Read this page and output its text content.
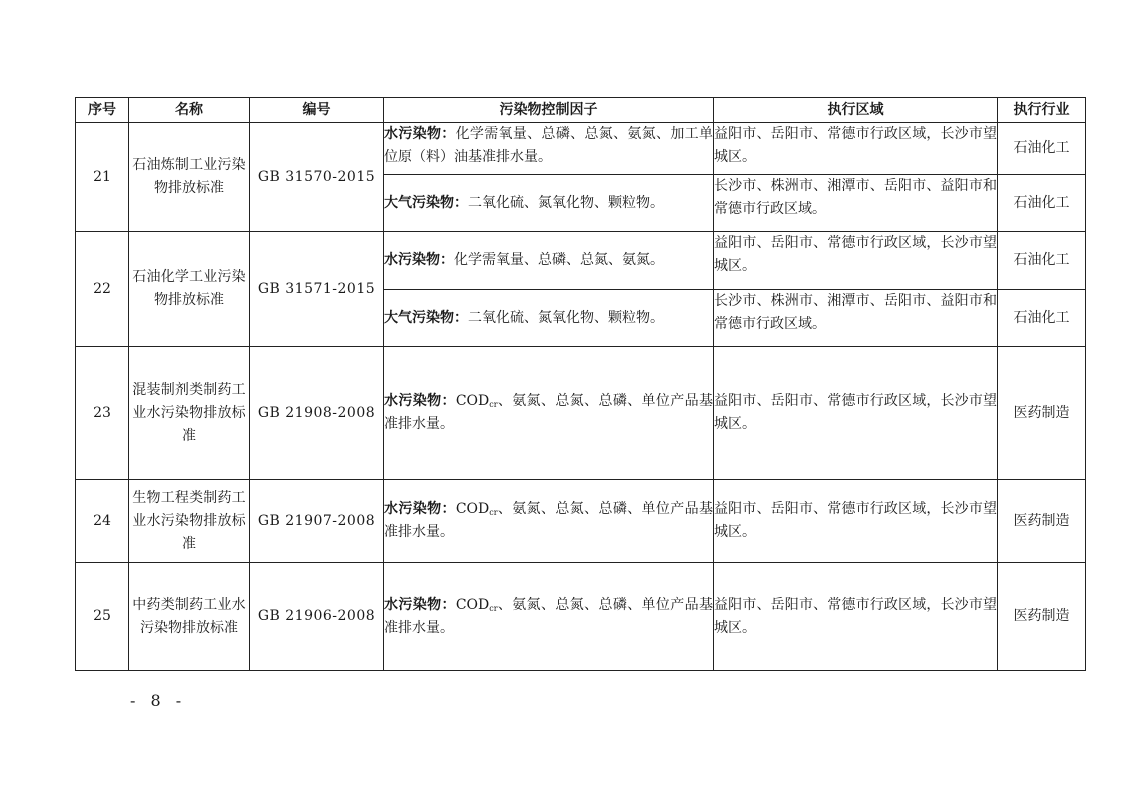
序号	名称	编号	污染物控制因子	执行区域	执行行业
21	石油炼制工业污染物排放标准	GB 31570-2015	水污染物：化学需氧量、总磷、总氮、氨氮、加工单位原（料）油基准排水量。	益阳市、岳阳市、常德市行政区域，长沙市望城区。	石油化工
			大气污染物：二氧化硫、氮氧化物、颗粒物。	长沙市、株洲市、湘潭市、岳阳市、益阳市和常德市行政区域。	石油化工
22	石油化学工业污染物排放标准	GB 31571-2015	水污染物：化学需氧量、总磷、总氮、氨氮。	益阳市、岳阳市、常德市行政区域，长沙市望城区。	石油化工
			大气污染物：二氧化硫、氮氧化物、颗粒物。	长沙市、株洲市、湘潭市、岳阳市、益阳市和常德市行政区域。	石油化工
23	混装制剂类制药工业水污染物排放标准	GB 21908-2008	水污染物：$COD_{cr}$、氨氮、总氮、总磷、单位产品基准排水量。	益阳市、岳阳市、常德市行政区域，长沙市望城区。	医药制造
24	生物工程类制药工业水污染物排放标准	GB 21907-2008	水污染物：$COD_{cr}$、氨氮、总氮、总磷、单位产品基准排水量。	益阳市、岳阳市、常德市行政区域，长沙市望城区。	医药制造
25	中药类制药工业水污染物排放标准	GB 21906-2008	水污染物：$COD_{cr}$、氨氮、总氮、总磷、单位产品基准排水量。	益阳市、岳阳市、常德市行政区域，长沙市望城区。	医药制造
- 8 -
